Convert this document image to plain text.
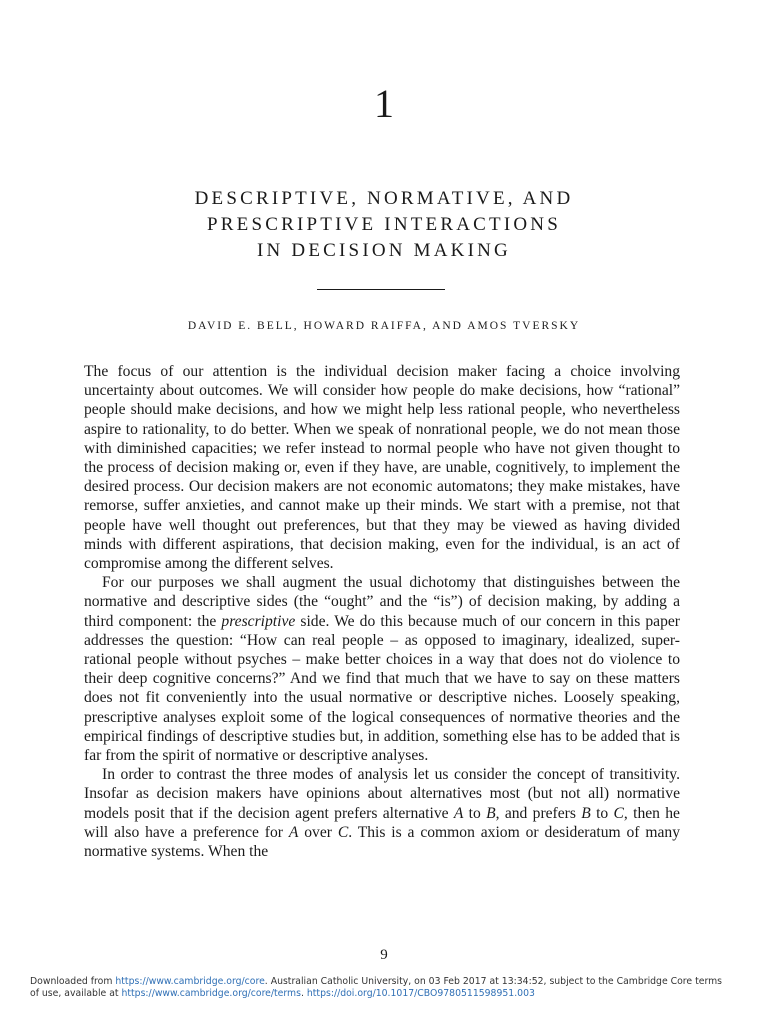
1
DESCRIPTIVE, NORMATIVE, AND
PRESCRIPTIVE INTERACTIONS
IN DECISION MAKING

DAVID E. BELL, HOWARD RAIFFA, AND AMOS TVERSKY

The focus of our attention is the individual decision maker facing a choice involving uncertainty about outcomes. We will consider how people do make decisions, how “rational” people should make decisions, and how we might help less rational people, who nevertheless aspire to rationality, to do better. When we speak of nonrational people, we do not mean those with diminished capacities; we refer instead to normal people who have not given thought to the process of decision making or, even if they have, are unable, cognitively, to implement the desired process. Our decision makers are not economic automatons; they make mistakes, have remorse, suffer anxieties, and cannot make up their minds. We start with a premise, not that people have well thought out preferences, but that they may be viewed as having divided minds with different aspirations, that decision making, even for the individual, is an act of compromise among the different selves.

For our purposes we shall augment the usual dichotomy that distinguishes between the normative and descriptive sides (the “ought” and the “is”) of decision making, by adding a third component: the prescriptive side. We do this because much of our concern in this paper addresses the question: “How can real people – as opposed to imaginary, idealized, super-rational people without psyches – make better choices in a way that does not do violence to their deep cognitive concerns?” And we find that much that we have to say on these matters does not fit conveniently into the usual normative or descriptive niches. Loosely speaking, prescriptive analyses exploit some of the logical consequences of normative theories and the empirical findings of descriptive studies but, in addition, something else has to be added that is far from the spirit of normative or descriptive analyses.

In order to contrast the three modes of analysis let us consider the concept of transitivity. Insofar as decision makers have opinions about alternatives most (but not all) normative models posit that if the decision agent prefers alternative A to B, and prefers B to C, then he will also have a preference for A over C. This is a common axiom or desideratum of many normative systems. When the

9
Downloaded from https://www.cambridge.org/core. Australian Catholic University, on 03 Feb 2017 at 13:34:52, subject to the Cambridge Core terms
of use, available at https://www.cambridge.org/core/terms. https://doi.org/10.1017/CBO9780511598951.003
